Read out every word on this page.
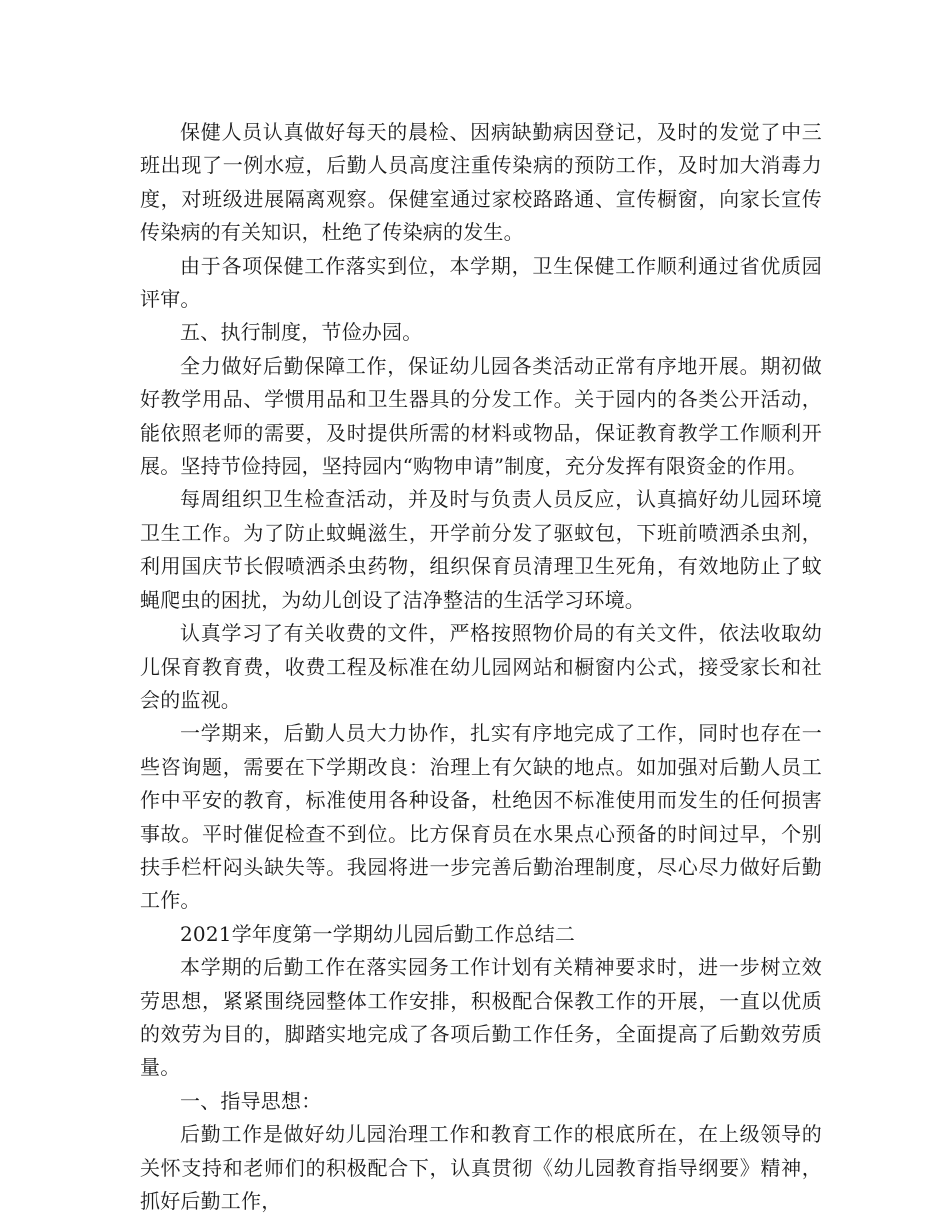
保健人员认真做好每天的晨检、因病缺勤病因登记，及时的发觉了中三班出现了一例水痘，后勤人员高度注重传染病的预防工作，及时加大消毒力度，对班级进展隔离观察。保健室通过家校路路通、宣传橱窗，向家长宣传传染病的有关知识，杜绝了传染病的发生。

由于各项保健工作落实到位，本学期，卫生保健工作顺利通过省优质园评审。

五、执行制度，节俭办园。

全力做好后勤保障工作，保证幼儿园各类活动正常有序地开展。期初做好教学用品、学惯用品和卫生器具的分发工作。关于园内的各类公开活动，能依照老师的需要，及时提供所需的材料或物品，保证教育教学工作顺利开展。坚持节俭持园，坚持园内“购物申请”制度，充分发挥有限资金的作用。

每周组织卫生检查活动，并及时与负责人员反应，认真搞好幼儿园环境卫生工作。为了防止蚊蝇滋生，开学前分发了驱蚊包，下班前喷洒杀虫剂，利用国庆节长假喷洒杀虫药物，组织保育员清理卫生死角，有效地防止了蚊蝇爬虫的困扰，为幼儿创设了洁净整洁的生活学习环境。

认真学习了有关收费的文件，严格按照物价局的有关文件，依法收取幼儿保育教育费，收费工程及标准在幼儿园网站和橱窗内公式，接受家长和社会的监视。

一学期来，后勤人员大力协作，扎实有序地完成了工作，同时也存在一些咨询题，需要在下学期改良：治理上有欠缺的地点。如加强对后勤人员工作中平安的教育，标准使用各种设备，杜绝因不标准使用而发生的任何损害事故。平时催促检查不到位。比方保育员在水果点心预备的时间过早，个别扶手栏杆闷头缺失等。我园将进一步完善后勤治理制度，尽心尽力做好后勤工作。

2021学年度第一学期幼儿园后勤工作总结二

本学期的后勤工作在落实园务工作计划有关精神要求时，进一步树立效劳思想，紧紧围绕园整体工作安排，积极配合保教工作的开展，一直以优质的效劳为目的，脚踏实地完成了各项后勤工作任务，全面提高了后勤效劳质量。

一、指导思想：

后勤工作是做好幼儿园治理工作和教育工作的根底所在，在上级领导的关怀支持和老师们的积极配合下，认真贯彻《幼儿园教育指导纲要》精神，抓好后勤工作，
